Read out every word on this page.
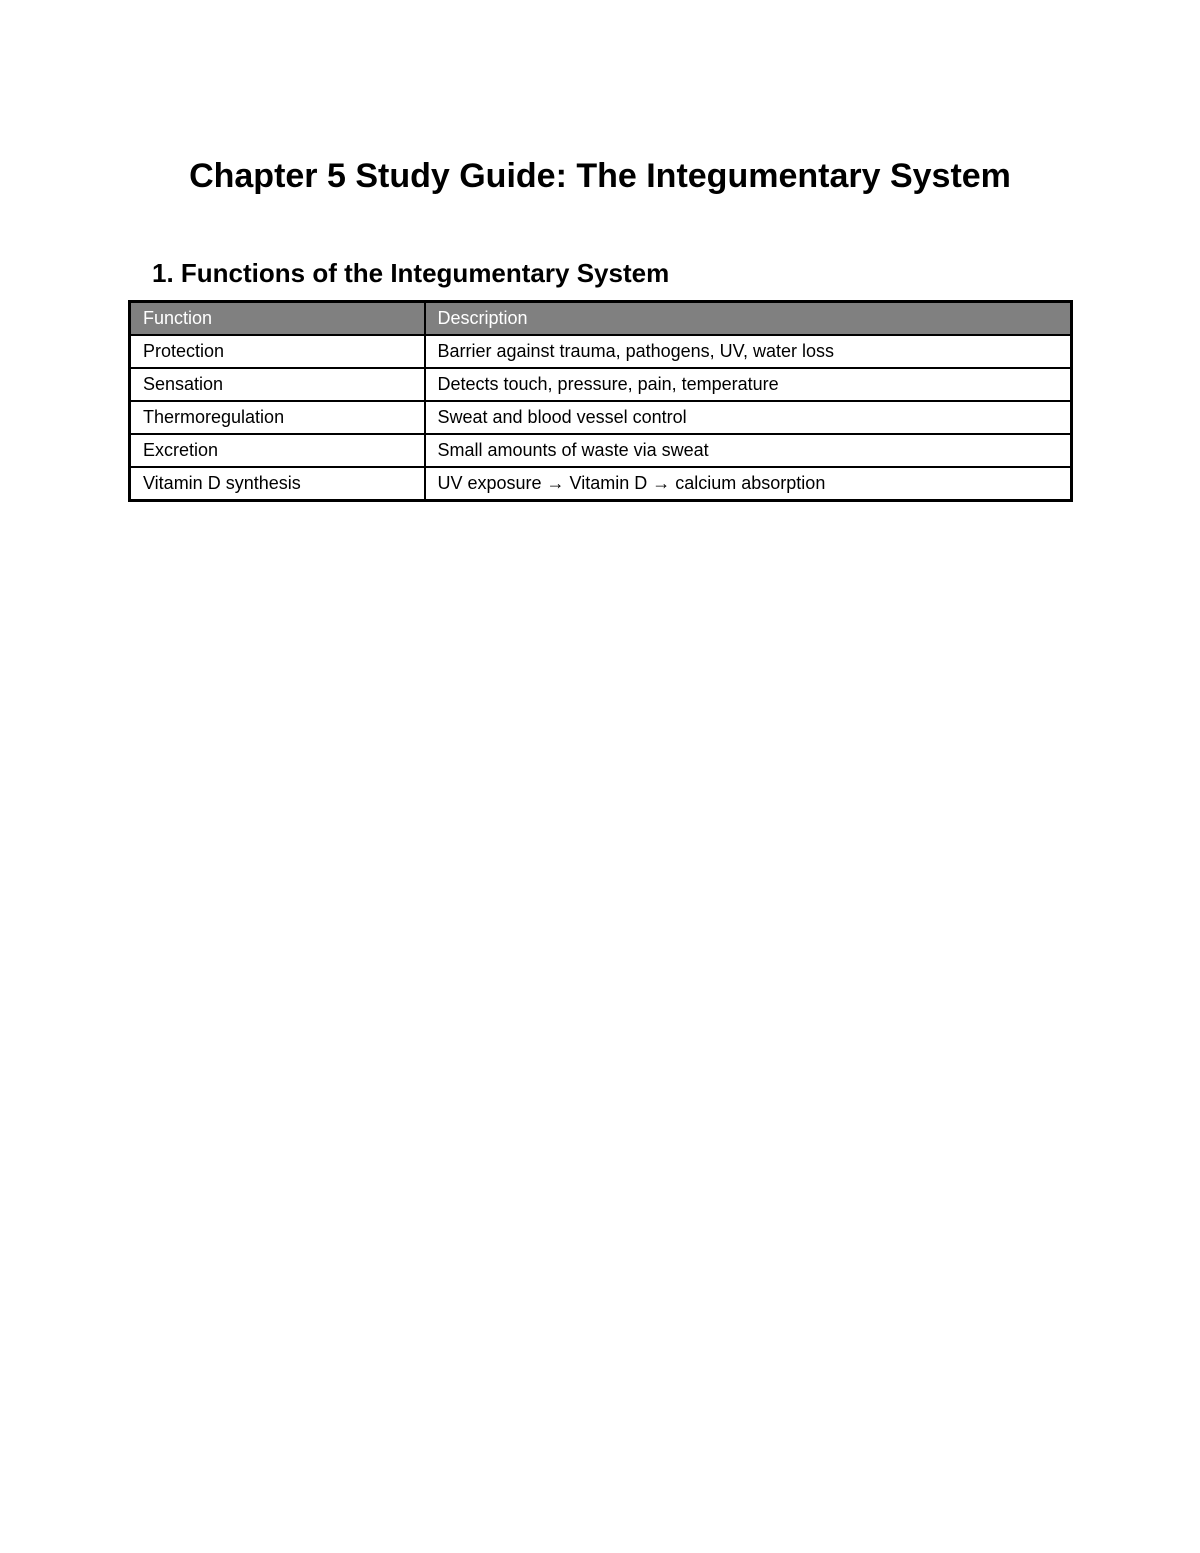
Chapter 5 Study Guide: The Integumentary System
1. Functions of the Integumentary System
Function	Description
Protection	Barrier against trauma, pathogens, UV, water loss
Sensation	Detects touch, pressure, pain, temperature
Thermoregulation	Sweat and blood vessel control
Excretion	Small amounts of waste via sweat
Vitamin D synthesis	UV exposure → Vitamin D → calcium absorption
